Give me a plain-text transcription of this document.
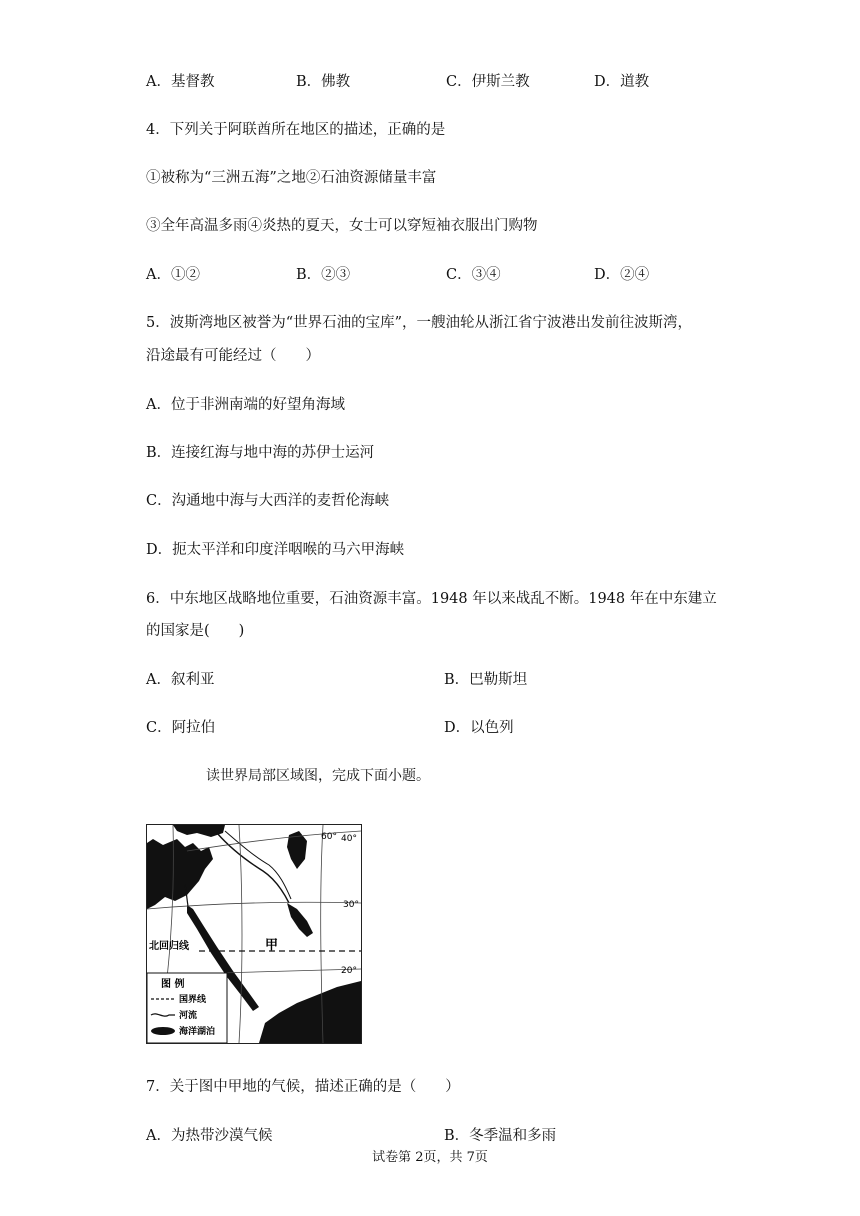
A．基督教	B．佛教	C．伊斯兰教	D．道教
4．下列关于阿联酋所在地区的描述，正确的是
①被称为“三洲五海”之地②石油资源储量丰富
③全年高温多雨④炎热的夏天，女士可以穿短袖衣服出门购物
A．①②	B．②③	C．③④	D．②④
5．波斯湾地区被誉为“世界石油的宝库”，一艘油轮从浙江省宁波港出发前往波斯湾，
沿途最有可能经过（　　）
A．位于非洲南端的好望角海域
B．连接红海与地中海的苏伊士运河
C．沟通地中海与大西洋的麦哲伦海峡
D．扼太平洋和印度洋咽喉的马六甲海峡
6．中东地区战略地位重要，石油资源丰富。1948 年以来战乱不断。1948 年在中东建立
的国家是(　　)
A．叙利亚	B．巴勒斯坦
C．阿拉伯	D．以色列
读世界局部区域图，完成下面小题。
60° 40°
30°
20°
北回归线	甲
图 例
国界线
河流
海洋湖泊
7．关于图中甲地的气候，描述正确的是（　　）
A．为热带沙漠气候	B．冬季温和多雨
试卷第 2页，共 7页
